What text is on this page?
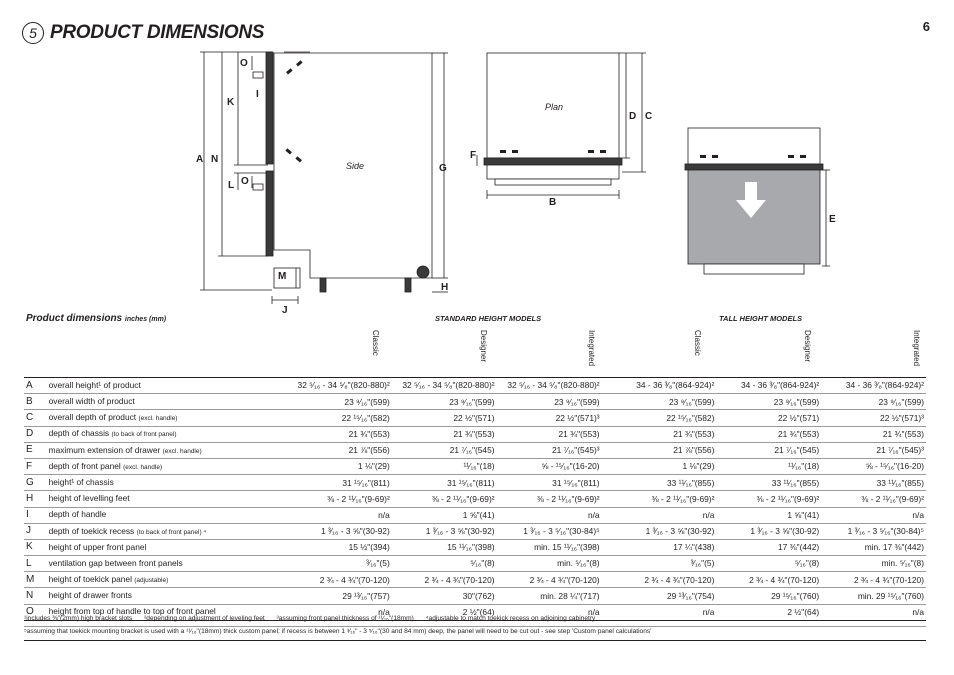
5 PRODUCT DIMENSIONS	6
Side
A N
K
O
I
L O
G
M
J
H
Plan
D C
F
B
E
Product dimensions inches (mm)	STANDARD HEIGHT MODELS	TALL HEIGHT MODELS
Classic	Designer	Integrated	Classic	Designer	Integrated
A	overall height¹ of product	32 ⁵⁄₁₆ - 34 ⁵⁄₈"(820-880)²	32 ⁵⁄₁₆ - 34 ⁵⁄₈"(820-880)²	32 ⁵⁄₁₆ - 34 ⁵⁄₈"(820-880)²	34 - 36 ³⁄₈"(864-924)²	34 - 36 ³⁄₈"(864-924)²	34 - 36 ³⁄₈"(864-924)²
B	overall width of product	23 ⁹⁄₁₆"(599)	23 ⁹⁄₁₆"(599)	23 ⁹⁄₁₆"(599)	23 ⁹⁄₁₆"(599)	23 ⁹⁄₁₆"(599)	23 ⁹⁄₁₆"(599)
C	overall depth of product (excl. handle)	22 ¹⁵⁄₁₆"(582)	22 ½"(571)	22 ½"(571)³	22 ¹⁵⁄₁₆"(582)	22 ½"(571)	22 ½"(571)³
D	depth of chassis (to back of front panel)	21 ¾"(553)	21 ¾"(553)	21 ¾"(553)	21 ¾"(553)	21 ¾"(553)	21 ¾"(553)
E	maximum extension of drawer (excl. handle)	21 ⅞"(556)	21 ⁷⁄₁₆"(545)	21 ⁷⁄₁₆"(545)³	21 ⅞"(556)	21 ⁷⁄₁₆"(545)	21 ⁷⁄₁₆"(545)³
F	depth of front panel (excl. handle)	1 ⅛"(29)	¹¹⁄₁₆"(18)	⅝ - ¹⁵⁄₁₆"(16-20)	1 ⅛"(29)	¹¹⁄₁₆"(18)	⅝ - ¹⁵⁄₁₆"(16-20)
G	height¹ of chassis	31 ¹⁵⁄₁₆"(811)	31 ¹⁵⁄₁₆"(811)	31 ¹⁵⁄₁₆"(811)	33 ¹¹⁄₁₆"(855)	33 ¹¹⁄₁₆"(855)	33 ¹¹⁄₁₆"(855)
H	height of levelling feet	⅜ - 2 ¹¹⁄₁₆"(9-69)²	⅜ - 2 ¹¹⁄₁₆"(9-69)²	⅜ - 2 ¹¹⁄₁₆"(9-69)²	⅜ - 2 ¹¹⁄₁₆"(9-69)²	⅜ - 2 ¹¹⁄₁₆"(9-69)²	⅜ - 2 ¹¹⁄₁₆"(9-69)²
I	depth of handle	n/a	1 ⅝"(41)	n/a	n/a	1 ⅝"(41)	n/a
J	depth of toekick recess (to back of front panel) ⁴	1 ³⁄₁₆ - 3 ⅝"(30-92)	1 ³⁄₁₆ - 3 ⅝"(30-92)	1 ³⁄₁₆ - 3 ⁵⁄₁₆"(30-84)⁵	1 ³⁄₁₆ - 3 ⅝"(30-92)	1 ³⁄₁₆ - 3 ⅝"(30-92)	1 ³⁄₁₆ - 3 ⁵⁄₁₆"(30-84)⁵
K	height of upper front panel	15 ½"(394)	15 ¹¹⁄₁₆"(398)	min. 15 ¹¹⁄₁₆"(398)	17 ¼"(438)	17 ⅜"(442)	min. 17 ⅜"(442)
L	ventilation gap between front panels	³⁄₁₆"(5)	⁵⁄₁₆"(8)	min. ⁵⁄₁₆"(8)	³⁄₁₆"(5)	⁵⁄₁₆"(8)	min. ⁵⁄₁₆"(8)
M	height of toekick panel (adjustable)	2 ¾ - 4 ¾"(70-120)	2 ¾ - 4 ¾"(70-120)	2 ¾ - 4 ¾"(70-120)	2 ¾ - 4 ¾"(70-120)	2 ¾ - 4 ¾"(70-120)	2 ¾ - 4 ¾"(70-120)
N	height of drawer fronts	29 ¹³⁄₁₆"(757)	30"(762)	min. 28 ¼"(717)	29 ¹³⁄₁₆"(754)	29 ¹⁵⁄₁₆"(760)	min. 29 ¹⁵⁄₁₆"(760)
O	height from top of handle to top of front panel	n/a	2 ½"(64)	n/a	n/a	2 ½"(64)	n/a
¹includes ⅜"(2mm) high bracket slots ²depending on adjustment of leveling feet ³assuming front panel thickness of ¹¹⁄₁₆"(18mm) ⁴adjustable to match toekick recess on adjoining cabinetry
⁵assuming that toekick mounting bracket is used with a ¹¹⁄₁₆"(18mm) thick custom panel; if recess is between 1 ³⁄₁₆" - 3 ⁵⁄₁₆"(30 and 84 mm) deep, the panel will need to be cut out - see step 'Custom panel calculations'
